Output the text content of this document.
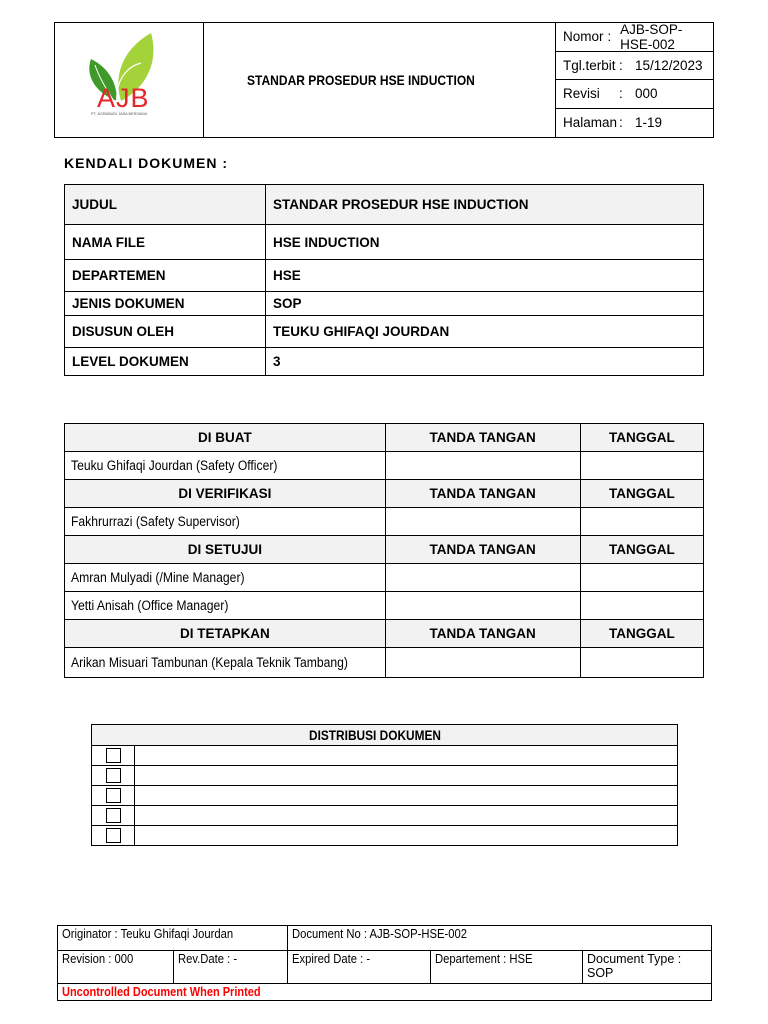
AJB
PT. AGRABUDI JASA BERSAMA
STANDAR PROSEDUR HSE INDUCTION
Nomor : AJB-SOP-HSE-002
Tgl.terbit : 15/12/2023
Revisi	: 000
Halaman : 1-19
KENDALI DOKUMEN :
JUDUL	STANDAR PROSEDUR HSE INDUCTION
NAMA FILE	HSE INDUCTION
DEPARTEMEN	HSE
JENIS DOKUMEN	SOP
DISUSUN OLEH	TEUKU GHIFAQI JOURDAN
LEVEL DOKUMEN	3
DI BUAT	TANDA TANGAN	TANGGAL
Teuku Ghifaqi Jourdan (Safety Officer)		
DI VERIFIKASI	TANDA TANGAN	TANGGAL
Fakhrurrazi (Safety Supervisor)		
DI SETUJUI	TANDA TANGAN	TANGGAL
Amran Mulyadi (/Mine Manager)		
Yetti Anisah (Office Manager)		
DI TETAPKAN	TANDA TANGAN	TANGGAL
Arikan Misuari Tambunan (Kepala Teknik Tambang)		
DISTRIBUSI DOKUMEN	

Originator : Teuku Ghifaqi Jourdan	Document No : AJB-SOP-HSE-002
Revision : 000	Rev.Date : -	Expired Date : -	Departement : HSE	Document Type : SOP
Uncontrolled Document When Printed
